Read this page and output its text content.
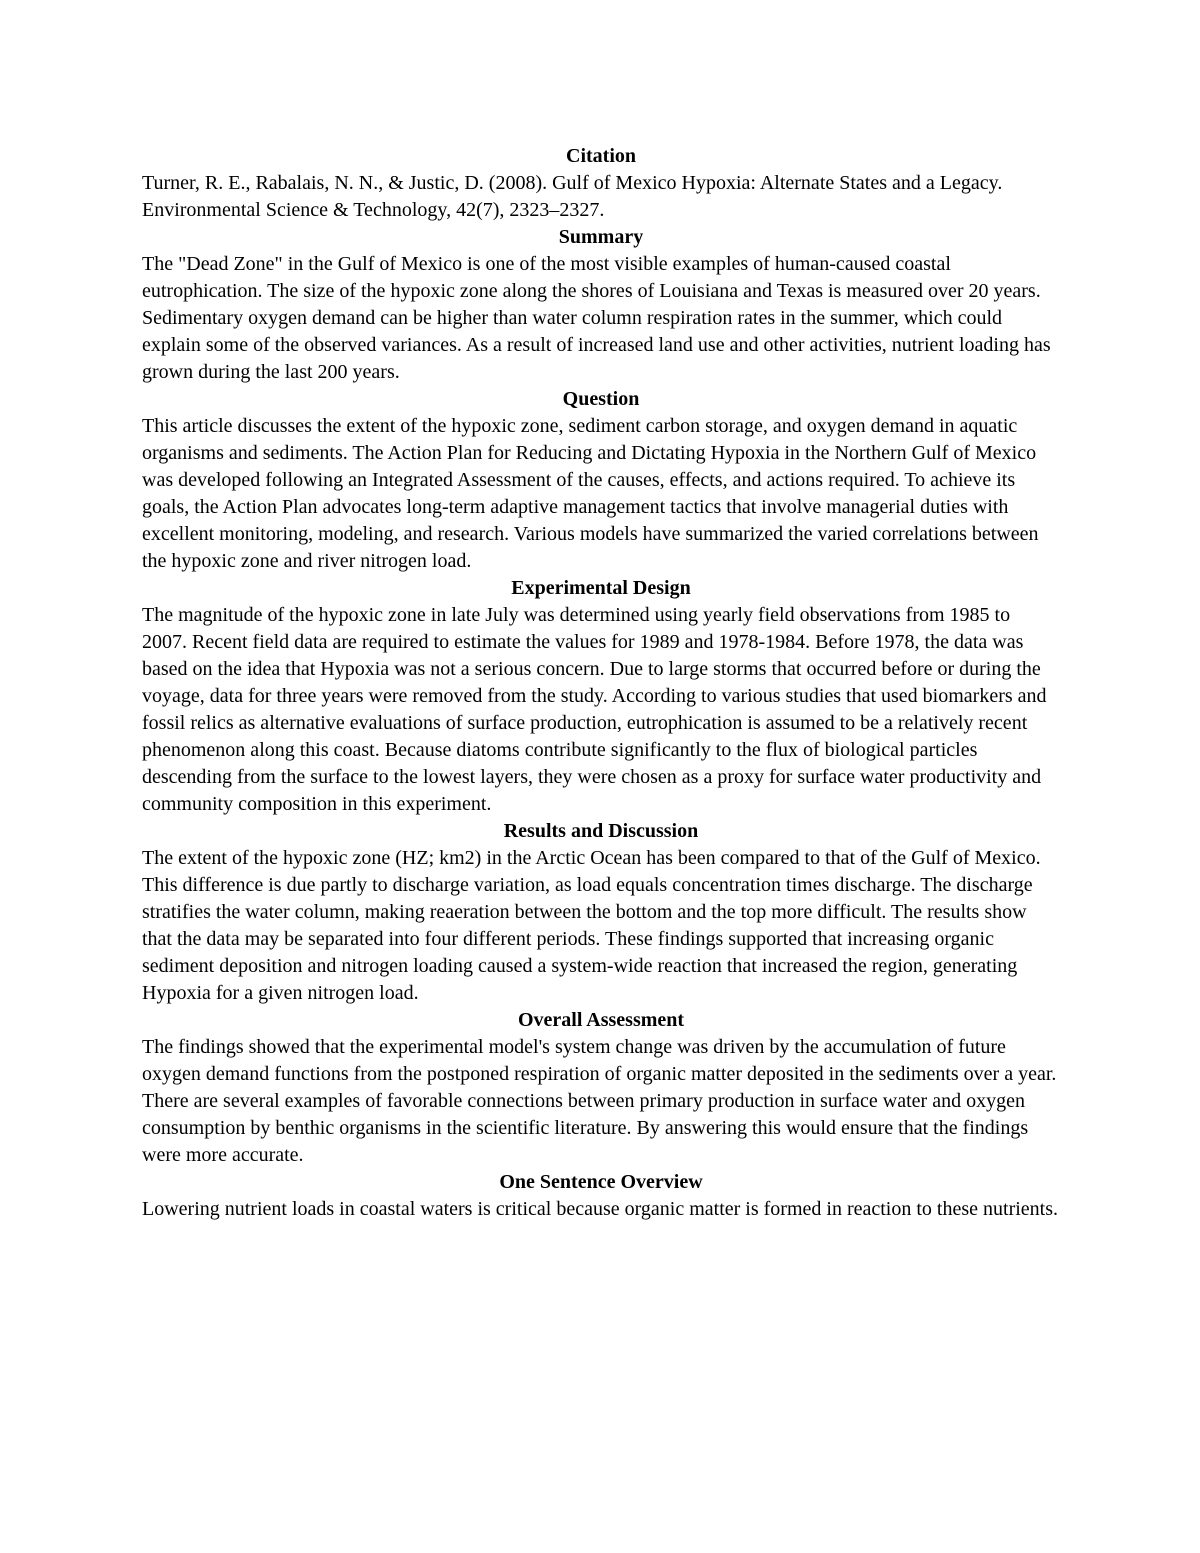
Citation

Turner, R. E., Rabalais, N. N., & Justic, D. (2008). Gulf of Mexico Hypoxia: Alternate States and a Legacy. Environmental Science & Technology, 42(7), 2323–2327.

Summary

The "Dead Zone" in the Gulf of Mexico is one of the most visible examples of human-caused coastal eutrophication. The size of the hypoxic zone along the shores of Louisiana and Texas is measured over 20 years. Sedimentary oxygen demand can be higher than water column respiration rates in the summer, which could explain some of the observed variances. As a result of increased land use and other activities, nutrient loading has grown during the last 200 years.

Question

This article discusses the extent of the hypoxic zone, sediment carbon storage, and oxygen demand in aquatic organisms and sediments. The Action Plan for Reducing and Dictating Hypoxia in the Northern Gulf of Mexico was developed following an Integrated Assessment of the causes, effects, and actions required. To achieve its goals, the Action Plan advocates long-term adaptive management tactics that involve managerial duties with excellent monitoring, modeling, and research. Various models have summarized the varied correlations between the hypoxic zone and river nitrogen load.

Experimental Design

The magnitude of the hypoxic zone in late July was determined using yearly field observations from 1985 to 2007. Recent field data are required to estimate the values for 1989 and 1978-1984. Before 1978, the data was based on the idea that Hypoxia was not a serious concern. Due to large storms that occurred before or during the voyage, data for three years were removed from the study. According to various studies that used biomarkers and fossil relics as alternative evaluations of surface production, eutrophication is assumed to be a relatively recent phenomenon along this coast. Because diatoms contribute significantly to the flux of biological particles descending from the surface to the lowest layers, they were chosen as a proxy for surface water productivity and community composition in this experiment.

Results and Discussion

The extent of the hypoxic zone (HZ; km2) in the Arctic Ocean has been compared to that of the Gulf of Mexico. This difference is due partly to discharge variation, as load equals concentration times discharge. The discharge stratifies the water column, making reaeration between the bottom and the top more difficult. The results show that the data may be separated into four different periods. These findings supported that increasing organic sediment deposition and nitrogen loading caused a system-wide reaction that increased the region, generating Hypoxia for a given nitrogen load.

Overall Assessment

The findings showed that the experimental model's system change was driven by the accumulation of future oxygen demand functions from the postponed respiration of organic matter deposited in the sediments over a year. There are several examples of favorable connections between primary production in surface water and oxygen consumption by benthic organisms in the scientific literature. By answering this would ensure that the findings were more accurate.

One Sentence Overview

Lowering nutrient loads in coastal waters is critical because organic matter is formed in reaction to these nutrients.
